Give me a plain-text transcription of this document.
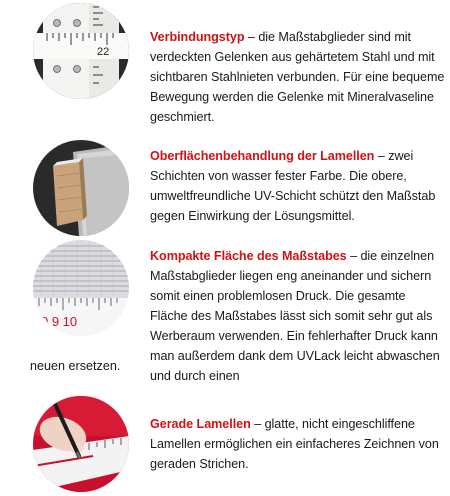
22
Verbindungstyp – die Maßstabglieder sind mit verdeckten Gelenken aus gehärtetem Stahl und mit sichtbaren Stahlnieten verbunden. Für eine bequeme Bewegung werden die Gelenke mit Mineralvaseline geschmiert.
Oberflächenbehandlung der Lamellen – zwei Schichten von wasser fester Farbe. Die obere, umweltfreundliche UV-Schicht schützt den Maßstab gegen Einwirkung der Lösungsmittel.
0 9 10
Kompakte Fläche des Maßstabes – die einzelnen Maßstabglieder liegen eng aneinander und sichern somit einen problemlosen Druck. Die gesamte Fläche des Maßstabes lässt sich somit sehr gut als Werberaum verwenden. Ein fehlerhafter Druck kann man außerdem dank dem UVLack leicht abwaschen und durch einen
neuen ersetzen.
Gerade Lamellen – glatte, nicht eingeschliffene Lamellen ermöglichen ein einfacheres Zeichnen von geraden Strichen.
